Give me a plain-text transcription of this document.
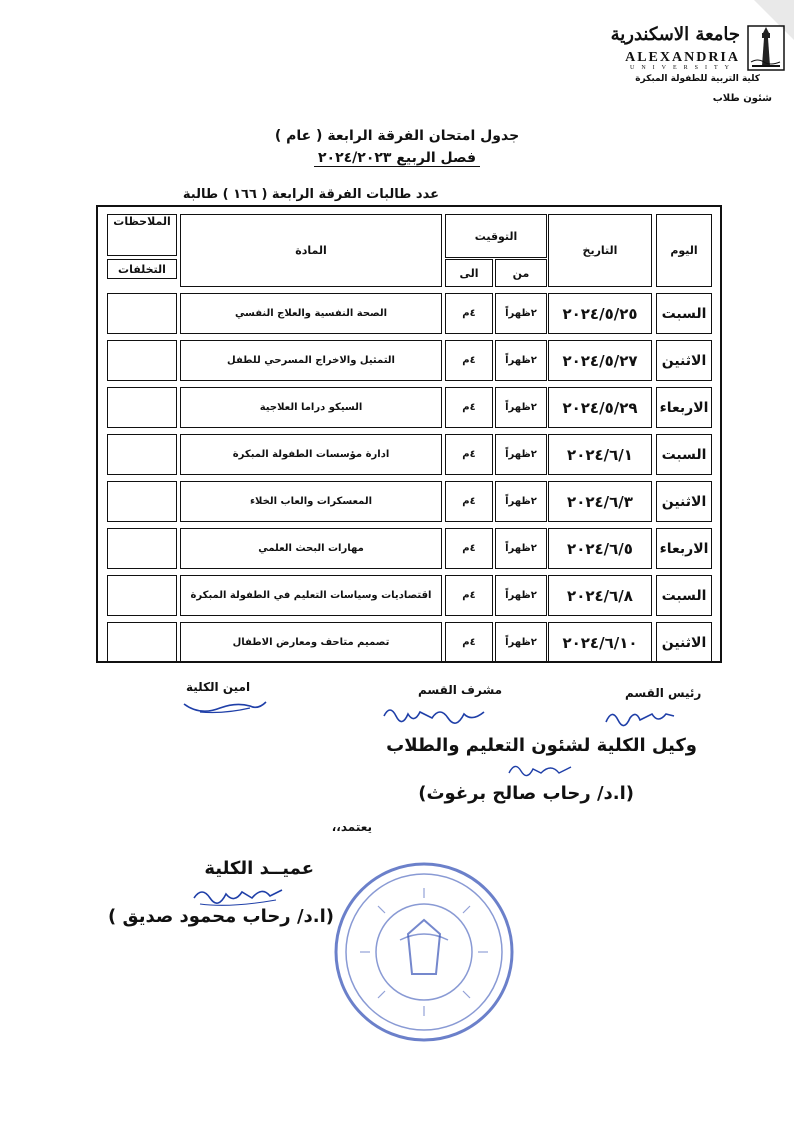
جامعة الاسكندرية
ALEXANDRIA
UNIVERSITY
كلية التربية للطفولة المبكرة
شئون طلاب
جدول امتحان الفرقة الرابعة ( عام )
فصل الربيع ٢٠٢٤/٢٠٢٣
عدد طالبات الفرقة الرابعة ( ١٦٦ ) طالبة
اليوم
التاريخ
التوقيت
من
الى
المادة
الملاحظات
التخلفات
السبت
٢٠٢٤/٥/٢٥
٢ظهراً
٤م
الصحة النفسية والعلاج النفسي
الاثنين
٢٠٢٤/٥/٢٧
٢ظهراً
٤م
التمثيل والاخراج المسرحي للطفل
الاربعاء
٢٠٢٤/٥/٢٩
٢ظهراً
٤م
السيكو دراما العلاجية
السبت
٢٠٢٤/٦/١
٢ظهراً
٤م
ادارة مؤسسات الطفولة المبكرة
الاثنين
٢٠٢٤/٦/٣
٢ظهراً
٤م
المعسكرات والعاب الخلاء
الاربعاء
٢٠٢٤/٦/٥
٢ظهراً
٤م
مهارات البحث العلمي
السبت
٢٠٢٤/٦/٨
٢ظهراً
٤م
اقتصاديات وسياسات التعليم في الطفولة المبكرة
الاثنين
٢٠٢٤/٦/١٠
٢ظهراً
٤م
تصميم متاحف ومعارض الاطفال
رئيس القسم
مشرف القسم
امين الكلية
وكيل الكلية لشئون التعليم والطلاب
(ا.د/ رحاب صالح برغوث)
يعتمد،،
عميــد الكلية
(ا.د/ رحاب محمود صديق )
